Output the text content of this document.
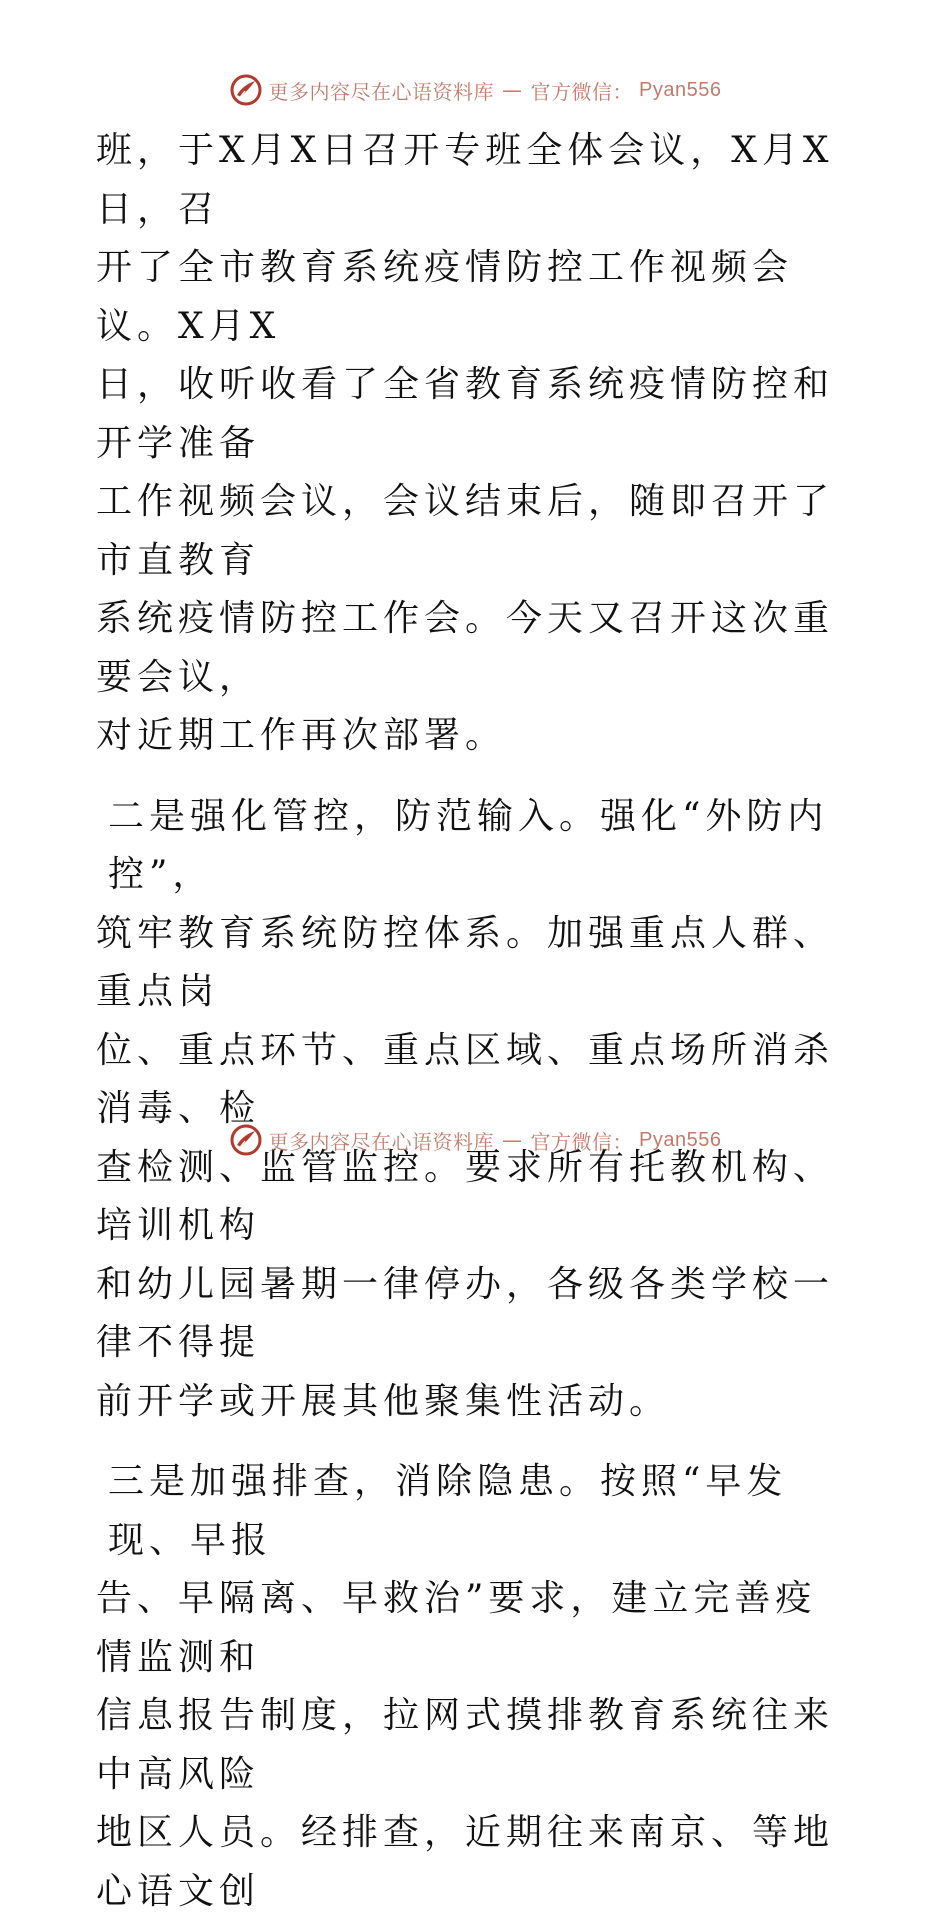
更多内容尽在心语资料库 — 官方微信： Pyan556
班，于X月X日召开专班全体会议，X月X日，召
开了全市教育系统疫情防控工作视频会议。X月X
日，收听收看了全省教育系统疫情防控和开学准备
工作视频会议，会议结束后，随即召开了市直教育
系统疫情防控工作会。今天又召开这次重要会议，
对近期工作再次部署。
二是强化管控，防范输入。强化“外防内控”，
筑牢教育系统防控体系。加强重点人群、重点岗
位、重点环节、重点区域、重点场所消杀消毒、检
查检测、监管监控。要求所有托教机构、培训机构
和幼儿园暑期一律停办，各级各类学校一律不得提
前开学或开展其他聚集性活动。
三是加强排查，消除隐患。按照“早发现、早报
告、早隔离、早救治”要求，建立完善疫情监测和
信息报告制度，拉网式摸排教育系统往来中高风险
地区人员。经排查，近期往来南京、等地心语文创
更多内容尽在心语资料库 — 官方微信： Pyan556
